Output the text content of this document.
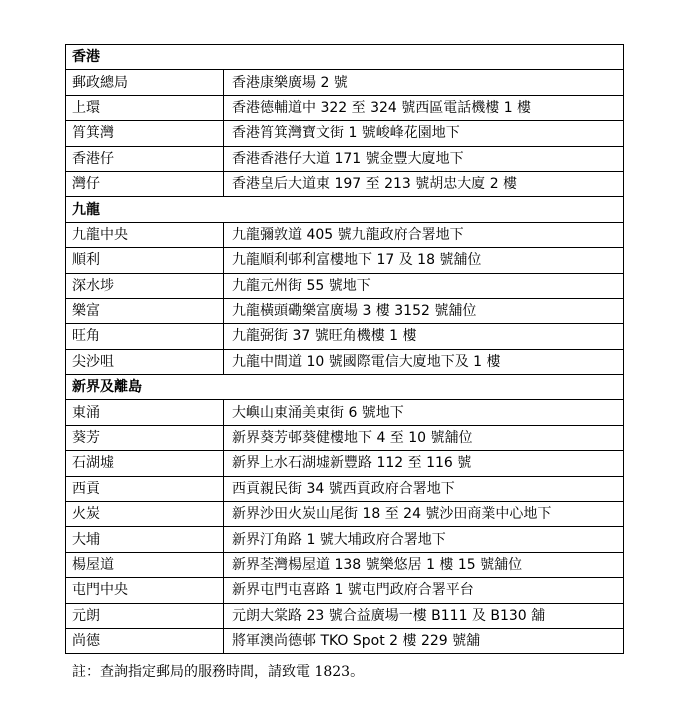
香港	
郵政總局	香港康樂廣場 2 號
上環	香港德輔道中 322 至 324 號西區電話機樓 1 樓
筲箕灣	香港筲箕灣寶文街 1 號峻峰花園地下
香港仔	香港香港仔大道 171 號金豐大廈地下
灣仔	香港皇后大道東 197 至 213 號胡忠大廈 2 樓
九龍	
九龍中央	九龍彌敦道 405 號九龍政府合署地下
順利	九龍順利邨利富樓地下 17 及 18 號舖位
深水埗	九龍元州街 55 號地下
樂富	九龍橫頭磡樂富廣場 3 樓 3152 號舖位
旺角	九龍弼街 37 號旺角機樓 1 樓
尖沙咀	九龍中間道 10 號國際電信大廈地下及 1 樓
新界及離島	
東涌	大嶼山東涌美東街 6 號地下
葵芳	新界葵芳邨葵健樓地下 4 至 10 號舖位
石湖墟	新界上水石湖墟新豐路 112 至 116 號
西貢	西貢親民街 34 號西貢政府合署地下
火炭	新界沙田火炭山尾街 18 至 24 號沙田商業中心地下
大埔	新界汀角路 1 號大埔政府合署地下
楊屋道	新界荃灣楊屋道 138 號樂悠居 1 樓 15 號舖位
屯門中央	新界屯門屯喜路 1 號屯門政府合署平台
元朗	元朗大棠路 23 號合益廣場一樓 B111 及 B130 舖
尚德	將軍澳尚德邨 TKO Spot 2 樓 229 號舖
註：查詢指定郵局的服務時間，請致電 1823。
